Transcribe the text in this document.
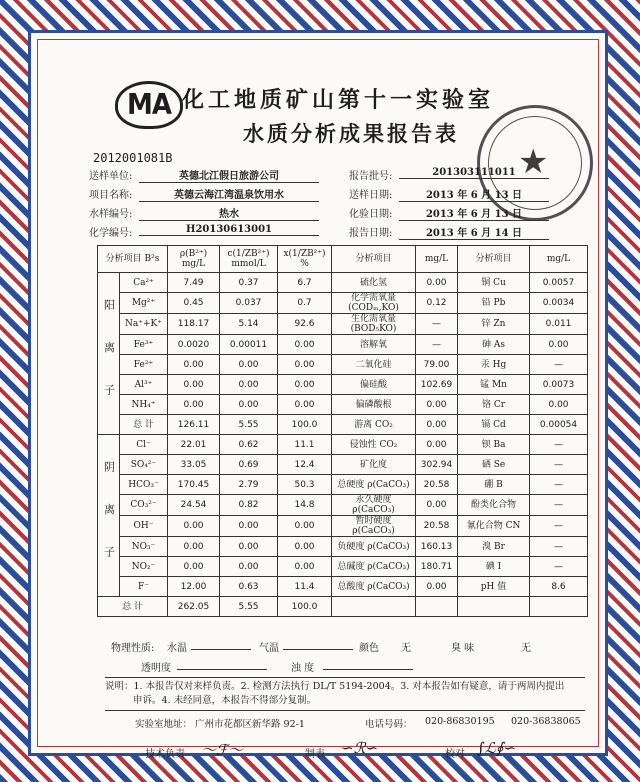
MA 化工地质矿山第十一实验室
水质分析成果报告表
2012001081B	★
送样单位:	英德北江假日旅游公司	报告批号:	201303111011
项目名称:	英德云海江湾温泉饮用水	送样日期:	2013 年 6 月 13 日
水样编号:	热水	化验日期:	2013 年 6 月 13 日
化学编号:	H20130613001	报告日期:	2013 年 6 月 14 日
分析项目 B²s		ρ(B²⁺) mg/L	c(1/ZB²⁺) mmol/L	x(1/ZB²⁺) %	分析项目	mg/L	分析项目	mg/L
阳 离 子	Ca²⁺	7.49	0.37	6.7	硫化氢	0.00	铜 Cu	0.0057
	Mg²⁺	0.45	0.037	0.7	化学需氧量 (CODₘ,KO)	0.12	铅 Pb	0.0034
	Na⁺+K⁺	118.17	5.14	92.6	生化需氧量 (BOD₅KO)	—	锌 Zn	0.011
	Fe³⁺	0.0020	0.00011	0.00	溶解氧	—	砷 As	0.00
	Fe²⁺	0.00	0.00	0.00	二氧化硅	79.00	汞 Hg	—
	Al³⁺	0.00	0.00	0.00	偏硅酸	102.69	锰 Mn	0.0073
	NH₄⁺	0.00	0.00	0.00	偏磷酸根	0.00	铬 Cr	0.00
	总 计	126.11	5.55	100.0	游离 CO₂	0.00	镉 Cd	0.00054
阴 离 子	Cl⁻	22.01	0.62	11.1	侵蚀性 CO₂	0.00	钡 Ba	—
	SO₄²⁻	33.05	0.69	12.4	矿化度	302.94	硒 Se	—
	HCO₃⁻	170.45	2.79	50.3	总硬度 ρ(CaCO₃)	20.58	硼 B	—
	CO₃²⁻	24.54	0.82	14.8	永久硬度 ρ(CaCO₃)	0.00	酚类化合物	—
	OH⁻	0.00	0.00	0.00	暂时硬度 ρ(CaCO₃)	20.58	氰化合物 CN	—
	NO₃⁻	0.00	0.00	0.00	负硬度 ρ(CaCO₃)	160.13	溴 Br	—
	NO₂⁻	0.00	0.00	0.00	总碱度 ρ(CaCO₃)	180.71	碘 I	—
	F⁻	12.00	0.63	11.4	总酸度 ρ(CaCO₃)	0.00	pH 值	8.6
总 计		262.05	5.55	100.0				
物理性质: 水温	气温	颜色 无	臭 味	无
透明度	浊 度
说明：1. 本报告仅对来样负责。2. 检测方法执行 DL/T 5194-2004。3. 对本报告如有疑意，请于两周内提出
申诉。4. 未经同意，本报告不得部分复制。
实验室地址： 广州市花都区新华路 92-1	电话号码： 020-86830195 020-36838065
技术负责 ～ℱ～	制表 ∽ℛ∽	校对 ∫ℒ∮∽
